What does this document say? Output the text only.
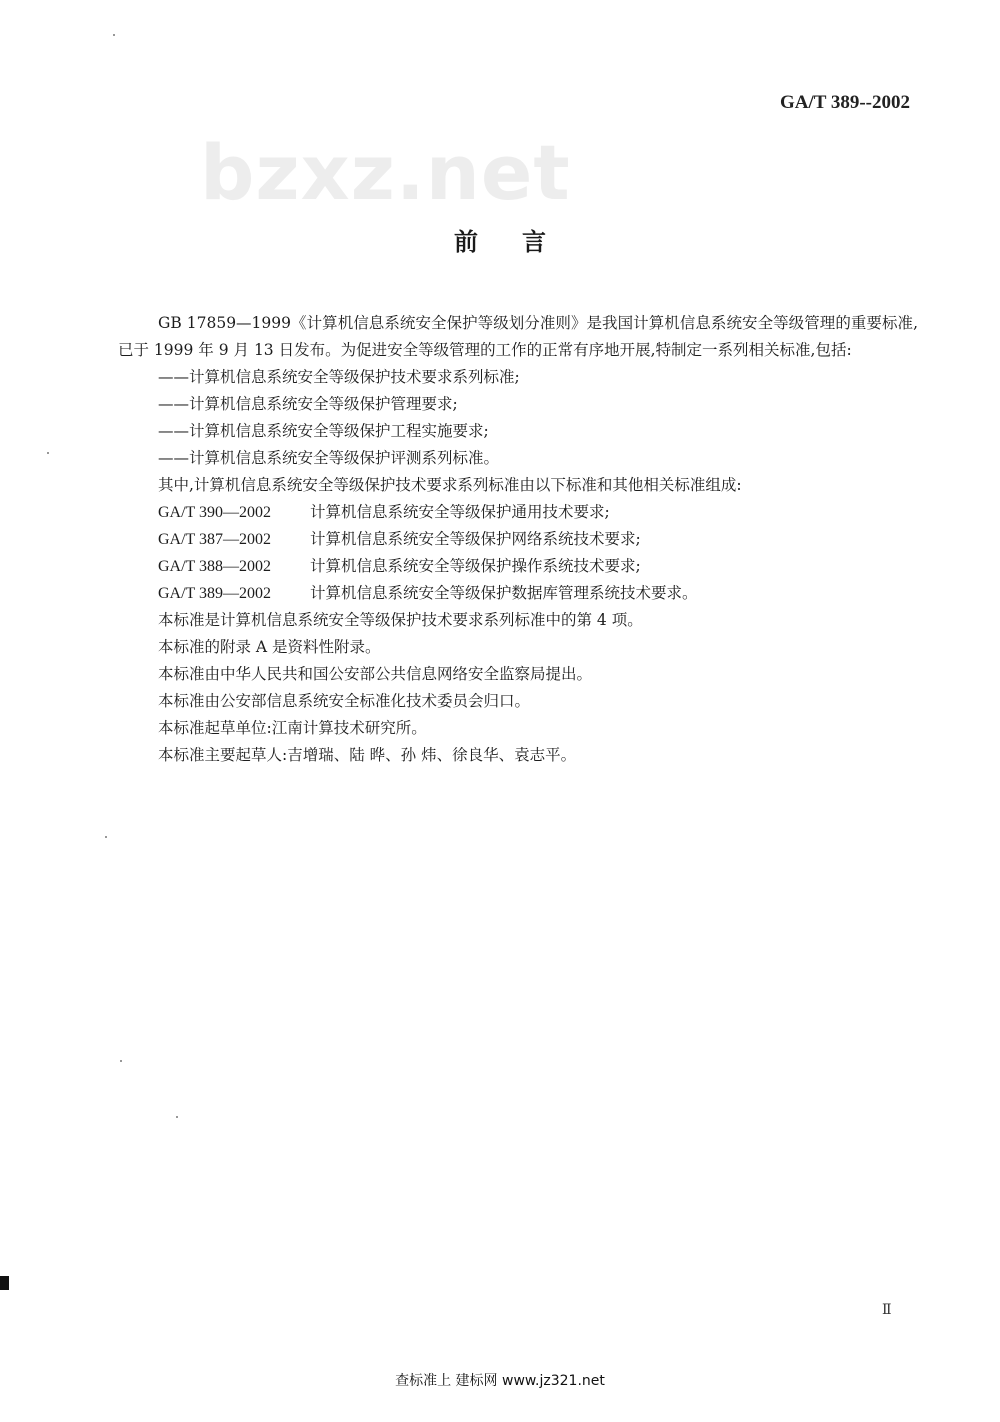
bzxz.net
GA/T 389--2002
前言

GB 17859—1999《计算机信息系统安全保护等级划分准则》是我国计算机信息系统安全等级管理的重要标准,已于 1999 年 9 月 13 日发布。为促进安全等级管理的工作的正常有序地开展,特制定一系列相关标准,包括:

——计算机信息系统安全等级保护技术要求系列标准;

——计算机信息系统安全等级保护管理要求;

——计算机信息系统安全等级保护工程实施要求;

——计算机信息系统安全等级保护评测系列标准。

其中,计算机信息系统安全等级保护技术要求系列标准由以下标准和其他相关标准组成:

GA/T 390—2002	计算机信息系统安全等级保护通用技术要求;

GA/T 387—2002	计算机信息系统安全等级保护网络系统技术要求;

GA/T 388—2002	计算机信息系统安全等级保护操作系统技术要求;

GA/T 389—2002	计算机信息系统安全等级保护数据库管理系统技术要求。

本标准是计算机信息系统安全等级保护技术要求系列标准中的第 4 项。

本标准的附录 A 是资料性附录。

本标准由中华人民共和国公安部公共信息网络安全监察局提出。

本标准由公安部信息系统安全标准化技术委员会归口。

本标准起草单位:江南计算技术研究所。

本标准主要起草人:吉增瑞、陆 晔、孙 炜、徐良华、袁志平。

Ⅱ
查标准上 建标网 www.jz321.net
